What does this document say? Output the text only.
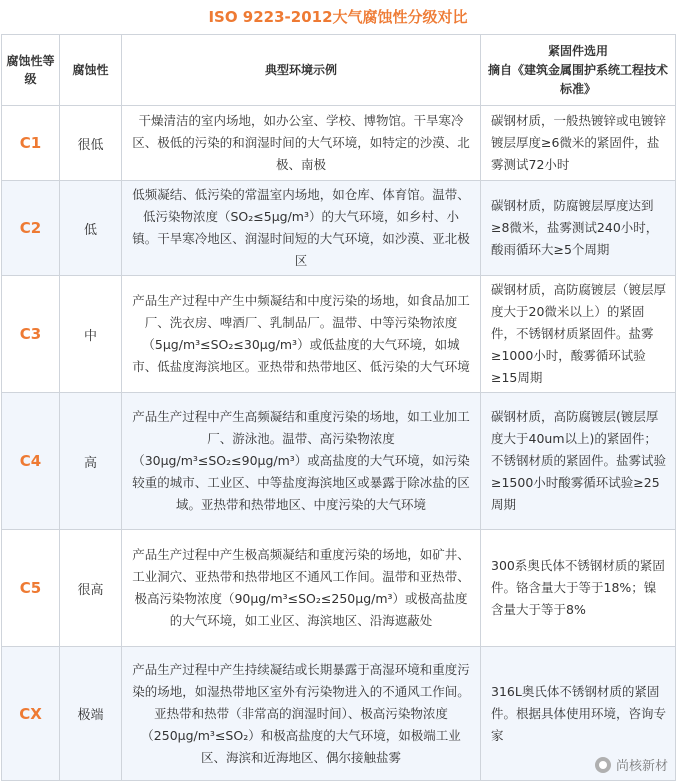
ISO 9223-2012大气腐蚀性分级对比
腐蚀性等级	腐蚀性	典型环境示例	紧固件选用
摘自《建筑金属围护系统工程技术标准》

C1	很低	干燥清洁的室内场地，如办公室、学校、博物馆。干旱寒冷区、极低的污染的和润湿时间的大气环境，如特定的沙漠、北极、南极	碳钢材质，一般热镀锌或电镀锌镀层厚度≥6微米的紧固件，盐雾测试72小时
C2	低	低频凝结、低污染的常温室内场地，如仓库、体育馆。温带、低污染物浓度（SO₂≤5μg/m³）的大气环境，如乡村、小镇。干旱寒冷地区、润湿时间短的大气环境，如沙漠、亚北极区	碳钢材质，防腐镀层厚度达到≥8微米，盐雾测试240小时，酸雨循环大≥5个周期
C3	中	产品生产过程中产生中频凝结和中度污染的场地，如食品加工厂、洗衣房、啤酒厂、乳制品厂。温带、中等污染物浓度（5μg/m³≤SO₂≤30μg/m³）或低盐度的大气环境，如城市、低盐度海滨地区。亚热带和热带地区、低污染的大气环境	碳钢材质，高防腐镀层（镀层厚度大于20微米以上）的紧固件，不锈钢材质紧固件。盐雾≥1000小时，酸雾循环试验≥15周期
C4	高	产品生产过程中产生高频凝结和重度污染的场地，如工业加工厂、游泳池。温带、高污染物浓度（30μg/m³≤SO₂≤90μg/m³）或高盐度的大气环境，如污染较重的城市、工业区、中等盐度海滨地区或暴露于除冰盐的区域。亚热带和热带地区、中度污染的大气环境	碳钢材质，高防腐镀层(镀层厚度大于40um以上)的紧固件；不锈钢材质的紧固件。盐雾试验≥1500小时酸雾循环试验≥25周期
C5	很高	产品生产过程中产生极高频凝结和重度污染的场地，如矿井、工业洞穴、亚热带和热带地区不通风工作间。温带和亚热带、极高污染物浓度（90μg/m³≤SO₂≤250μg/m³）或极高盐度的大气环境，如工业区、海滨地区、沿海遮蔽处	300系奥氏体不锈钢材质的紧固件。铬含量大于等于18%；镍含量大于等于8%
CX	极端	产品生产过程中产生持续凝结或长期暴露于高湿环境和重度污染的场地，如湿热带地区室外有污染物进入的不通风工作间。亚热带和热带（非常高的润湿时间）、极高污染物浓度（250μg/m³≤SO₂）和极高盐度的大气环境，如极端工业区、海滨和近海地区、偶尔接触盐雾	316L奥氏体不锈钢材质的紧固件。根据具体使用环境，咨询专家
尚核新材
